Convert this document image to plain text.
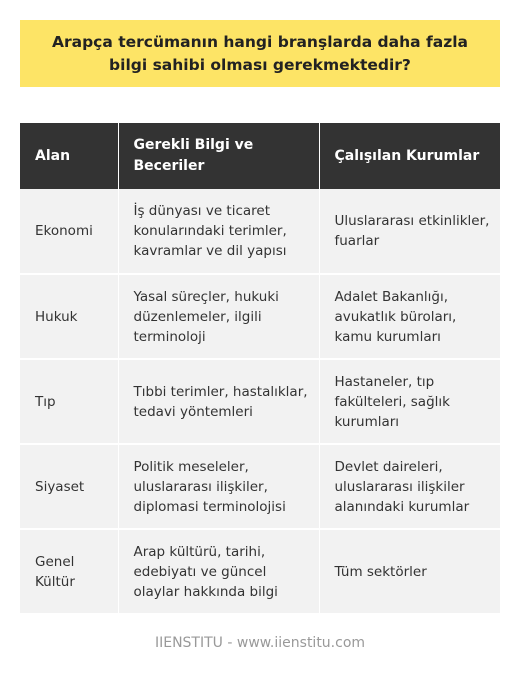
Arapça tercümanın hangi branşlarda daha fazla bilgi sahibi olması gerekmektedir?
Alan	Gerekli Bilgi ve Beceriler	Çalışılan Kurumlar
Ekonomi	İş dünyası ve ticaret konularındaki terimler, kavramlar ve dil yapısı	Uluslararası etkinlikler, fuarlar
Hukuk	Yasal süreçler, hukuki düzenlemeler, ilgili terminoloji	Adalet Bakanlığı, avukatlık büroları, kamu kurumları
Tıp	Tıbbi terimler, hastalıklar, tedavi yöntemleri	Hastaneler, tıp fakülteleri, sağlık kurumları
Siyaset	Politik meseleler, uluslararası ilişkiler, diplomasi terminolojisi	Devlet daireleri, uluslararası ilişkiler alanındaki kurumlar
Genel Kültür	Arap kültürü, tarihi, edebiyatı ve güncel olaylar hakkında bilgi	Tüm sektörler
IIENSTITU - www.iienstitu.com
